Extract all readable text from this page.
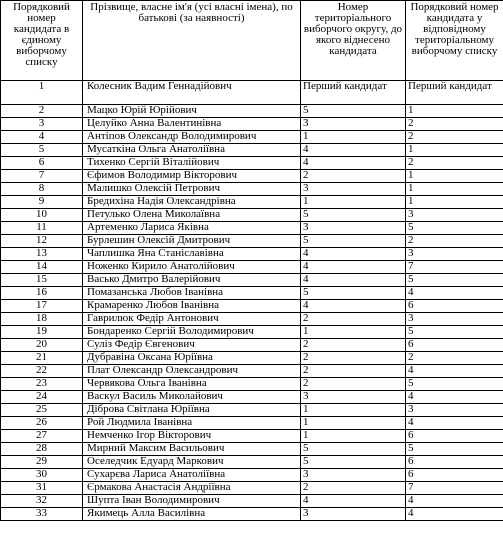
Порядковий номер кандидата в єдиному виборчому списку	Прізвище, власне ім'я (усі власні імена), по батькові (за наявності)	Номер територіального виборчого округу, до якого віднесено кандидата	Порядковий номер кандидата у відповідному територіальному виборчому списку
1	Колесник Вадим Геннадійович	Перший кандидат	Перший кандидат
2	Мацко Юрій Юрійович	5	1
3	Целуйко Анна Валентинівна	3	2
4	Антіпов Олександр Володимирович	1	2
5	Мусаткіна Ольга Анатоліївна	4	1
6	Тихенко Сергій Віталійович	4	2
7	Єфимов Володимир Вікторович	2	1
8	Малишко Олексій Петрович	3	1
9	Бредихіна Надія Олександрівна	1	1
10	Петулько Олена Миколаївна	5	3
11	Артеменко Лариса Яківна	3	5
12	Бурлешин Олексій Дмитрович	5	2
13	Чаплишка Яна Станіславівна	4	3
14	Ноженко Кирило Анатолійович	4	7
15	Васько Дмитро Валерійович	4	5
16	Помазанська Любов Іванівна	5	4
17	Крамаренко Любов Іванівна	4	6
18	Гаврилюк Федір Антонович	2	3
19	Бондаренко Сергій Володимирович	1	5
20	Суліз Федір Євгенович	2	6
21	Дубравіна Оксана Юріївна	2	2
22	Плат Олександр Олександрович	2	4
23	Червякова Ольга Іванівна	2	5
24	Васкул Василь Миколайович	3	4
25	Діброва Світлана Юріївна	1	3
26	Рой Людмила Іванівна	1	4
27	Немченко Ігор Вікторович	1	6
28	Мирний Максим Васильович	5	5
29	Оселедчик Едуард Маркович	5	6
30	Сухарєва Лариса Анатоліївна	3	6
31	Єрмакова Анастасія Андріївна	2	7
32	Шупта Іван Володимирович	4	4
33	Якимець Алла Василівна	3	4
